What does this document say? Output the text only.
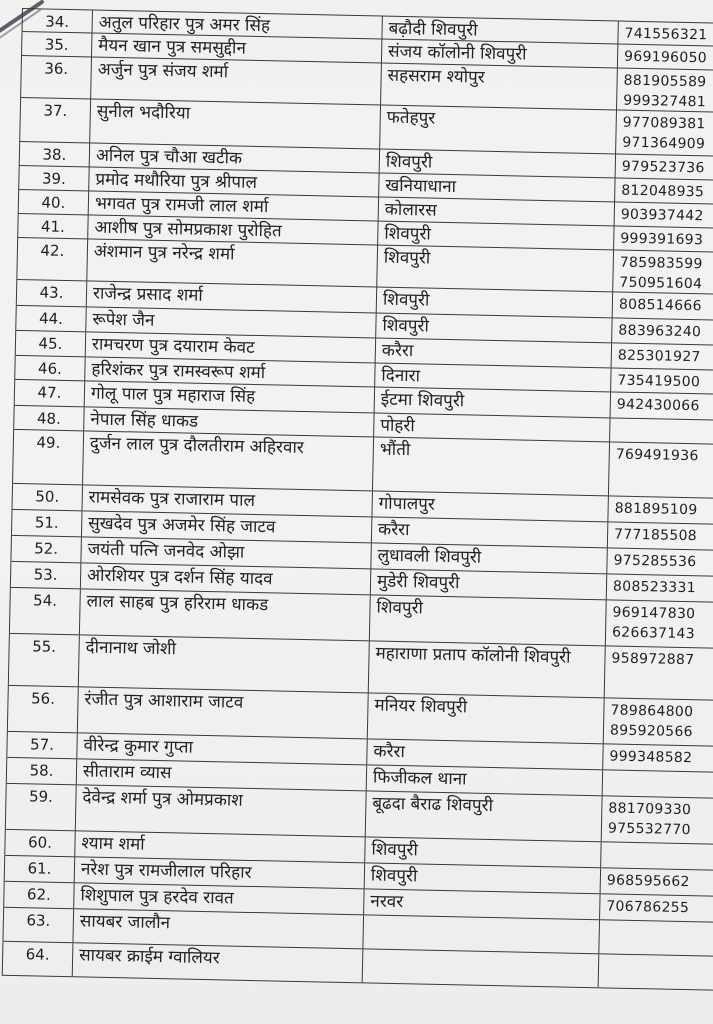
34.	अतुल परिहार पुत्र अमर सिंह	बढ़ौदी शिवपुरी	741556321
35.	मैयन खान पुत्र समसुद्दीन	संजय कॉलोनी शिवपुरी	969196050
36.	अर्जुन पुत्र संजय शर्मा	सहसराम श्योपुर	881905589
999327481
37.	सुनील भदौरिया	फतेहपुर	977089381
971364909
38.	अनिल पुत्र चौआ खटीक	शिवपुरी	979523736
39.	प्रमोद मथौरिया पुत्र श्रीपाल	खनियाधाना	812048935
40.	भगवत पुत्र रामजी लाल शर्मा	कोलारस	903937442
41.	आशीष पुत्र सोमप्रकाश पुरोहित	शिवपुरी	999391693
42.	अंशमान पुत्र नरेन्द्र शर्मा	शिवपुरी	785983599
750951604
43.	राजेन्द्र प्रसाद शर्मा	शिवपुरी	808514666
44.	रूपेश जैन	शिवपुरी	883963240
45.	रामचरण पुत्र दयाराम केवट	करैरा	825301927
46.	हरिशंकर पुत्र रामस्वरूप शर्मा	दिनारा	735419500
47.	गोलू पाल पुत्र महाराज सिंह	ईटमा शिवपुरी	942430066
48.	नेपाल सिंह धाकड	पोहरी
49.	दुर्जन लाल पुत्र दौलतीराम अहिरवार	भौंती	769491936
50.	रामसेवक पुत्र राजाराम पाल	गोपालपुर	881895109
51.	सुखदेव पुत्र अजमेर सिंह जाटव	करैरा	777185508
52.	जयंती पत्नि जनवेद ओझा	लुधावली शिवपुरी	975285536
53.	ओरशियर पुत्र दर्शन सिंह यादव	मुडेरी शिवपुरी	808523331
54.	लाल साहब पुत्र हरिराम धाकड	शिवपुरी	969147830
626637143
55.	दीनानाथ जोशी	महाराणा प्रताप कॉलोनी शिवपुरी	958972887
56.	रंजीत पुत्र आशाराम जाटव	मनियर शिवपुरी	789864800
895920566
57.	वीरेन्द्र कुमार गुप्ता	करैरा	999348582
58.	सीताराम व्यास	फिजीकल थाना
59.	देवेन्द्र शर्मा पुत्र ओमप्रकाश	बूढदा बैराढ शिवपुरी	881709330
975532770
60.	श्याम शर्मा	शिवपुरी
61.	नरेश पुत्र रामजीलाल परिहार	शिवपुरी	968595662
62.	शिशुपाल पुत्र हरदेव रावत	नरवर	706786255
63.	सायबर जालौन
64.	सायबर क्राईम ग्वालियर
